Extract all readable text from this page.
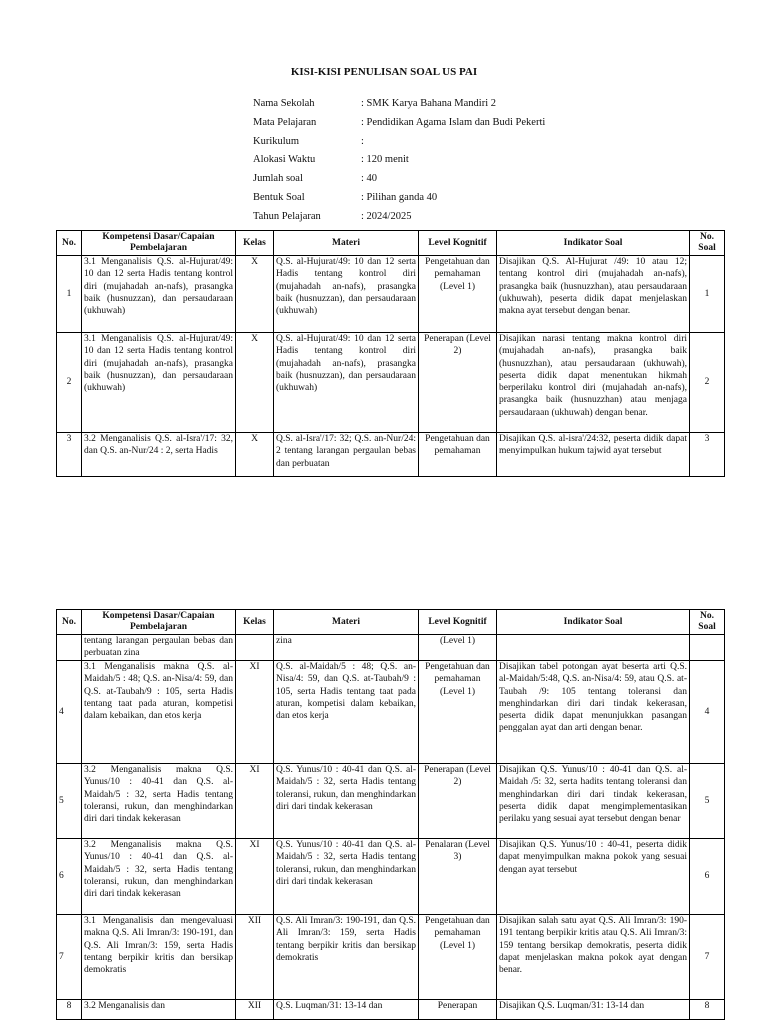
KISI-KISI PENULISAN SOAL US PAI
Nama Sekolah	: SMK Karya Bahana Mandiri 2
Mata Pelajaran	: Pendidikan Agama Islam dan Budi Pekerti
Kurikulum	:
Alokasi Waktu	: 120 menit
Jumlah soal	: 40
Bentuk Soal	: Pilihan ganda 40
Tahun Pelajaran	: 2024/2025
No.	Kompetensi Dasar/Capaian Pembelajaran	Kelas	Materi	Level Kognitif	Indikator Soal	No. Soal
1	3.1 Menganalisis Q.S. al-Hujurat/49: 10 dan 12 serta Hadis tentang kontrol diri (mujahadah an-nafs), prasangka baik (husnuzzan), dan persaudaraan (ukhuwah)	X	Q.S. al-Hujurat/49: 10 dan 12 serta Hadis tentang kontrol diri (mujahadah an-nafs), prasangka baik (husnuzzan), dan persaudaraan (ukhuwah)	Pengetahuan dan pemahaman (Level 1)	Disajikan Q.S. Al-Hujurat /49: 10 atau 12; tentang kontrol diri (mujahadah an-nafs), prasangka baik (husnuzzhan), atau persaudaraan (ukhuwah), peserta didik dapat menjelaskan makna ayat tersebut dengan benar.	1
2	3.1 Menganalisis Q.S. al-Hujurat/49: 10 dan 12 serta Hadis tentang kontrol diri (mujahadah an-nafs), prasangka baik (husnuzzan), dan persaudaraan (ukhuwah)	X	Q.S. al-Hujurat/49: 10 dan 12 serta Hadis tentang kontrol diri (mujahadah an-nafs), prasangka baik (husnuzzan), dan persaudaraan (ukhuwah)	Penerapan (Level 2)	Disajikan narasi tentang makna kontrol diri (mujahadah an-nafs), prasangka baik (husnuzzhan), atau persaudaraan (ukhuwah), peserta didik dapat menentukan hikmah berperilaku kontrol diri (mujahadah an-nafs), prasangka baik (husnuzzhan) atau menjaga persaudaraan (ukhuwah) dengan benar.	2
3	3.2 Menganalisis Q.S. al-Isra'/17: 32, dan Q.S. an-Nur/24 : 2, serta Hadis	X	Q.S. al-Isra'/17: 32; Q.S. an-Nur/24: 2 tentang larangan pergaulan bebas dan perbuatan	Pengetahuan dan pemahaman	Disajikan Q.S. al-isra'/24:32, peserta didik dapat menyimpulkan hukum tajwid ayat tersebut	3
No.	Kompetensi Dasar/Capaian Pembelajaran	Kelas	Materi	Level Kognitif	Indikator Soal	No. Soal
	tentang larangan pergaulan bebas dan perbuatan zina		zina	(Level 1)		
4	3.1 Menganalisis makna Q.S. al-Maidah/5 : 48; Q.S. an-Nisa/4: 59, dan Q.S. at-Taubah/9 : 105, serta Hadis tentang taat pada aturan, kompetisi dalam kebaikan, dan etos kerja	XI	Q.S. al-Maidah/5 : 48; Q.S. an-Nisa/4: 59, dan Q.S. at-Taubah/9 : 105, serta Hadis tentang taat pada aturan, kompetisi dalam kebaikan, dan etos kerja	Pengetahuan dan pemahaman (Level 1)	Disajikan tabel potongan ayat beserta arti Q.S. al-Maidah/5:48, Q.S. an-Nisa/4: 59, atau Q.S. at-Taubah /9: 105 tentang toleransi dan menghindarkan diri dari tindak kekerasan, peserta didik dapat menunjukkan pasangan penggalan ayat dan arti dengan benar.	4
5	3.2 Menganalisis makna Q.S. Yunus/10 : 40-41 dan Q.S. al-Maidah/5 : 32, serta Hadis tentang toleransi, rukun, dan menghindarkan diri dari tindak kekerasan	XI	Q.S. Yunus/10 : 40-41 dan Q.S. al-Maidah/5 : 32, serta Hadis tentang toleransi, rukun, dan menghindarkan diri dari tindak kekerasan	Penerapan (Level 2)	Disajikan Q.S. Yunus/10 : 40-41 dan Q.S. al-Maidah /5: 32, serta hadits tentang toleransi dan menghindarkan diri dari tindak kekerasan, peserta didik dapat mengimplementasikan perilaku yang sesuai ayat tersebut dengan benar	5
6	3.2 Menganalisis makna Q.S. Yunus/10 : 40-41 dan Q.S. al-Maidah/5 : 32, serta Hadis tentang toleransi, rukun, dan menghindarkan diri dari tindak kekerasan	XI	Q.S. Yunus/10 : 40-41 dan Q.S. al-Maidah/5 : 32, serta Hadis tentang toleransi, rukun, dan menghindarkan diri dari tindak kekerasan	Penalaran (Level 3)	Disajikan Q.S. Yunus/10 : 40-41, peserta didik dapat menyimpulkan makna pokok yang sesuai dengan ayat tersebut	6
7	3.1 Menganalisis dan mengevaluasi makna Q.S. Ali Imran/3: 190-191, dan Q.S. Ali Imran/3: 159, serta Hadis tentang berpikir kritis dan bersikap demokratis	XII	Q.S. Ali Imran/3: 190-191, dan Q.S. Ali Imran/3: 159, serta Hadis tentang berpikir kritis dan bersikap demokratis	Pengetahuan dan pemahaman (Level 1)	Disajikan salah satu ayat Q.S. Ali Imran/3: 190-191 tentang berpikir kritis atau Q.S. Ali Imran/3: 159 tentang bersikap demokratis, peserta didik dapat menjelaskan makna pokok ayat dengan benar.	7
8	3.2 Menganalisis dan	XII	Q.S. Luqman/31: 13-14 dan	Penerapan	Disajikan Q.S. Luqman/31: 13-14 dan	8
